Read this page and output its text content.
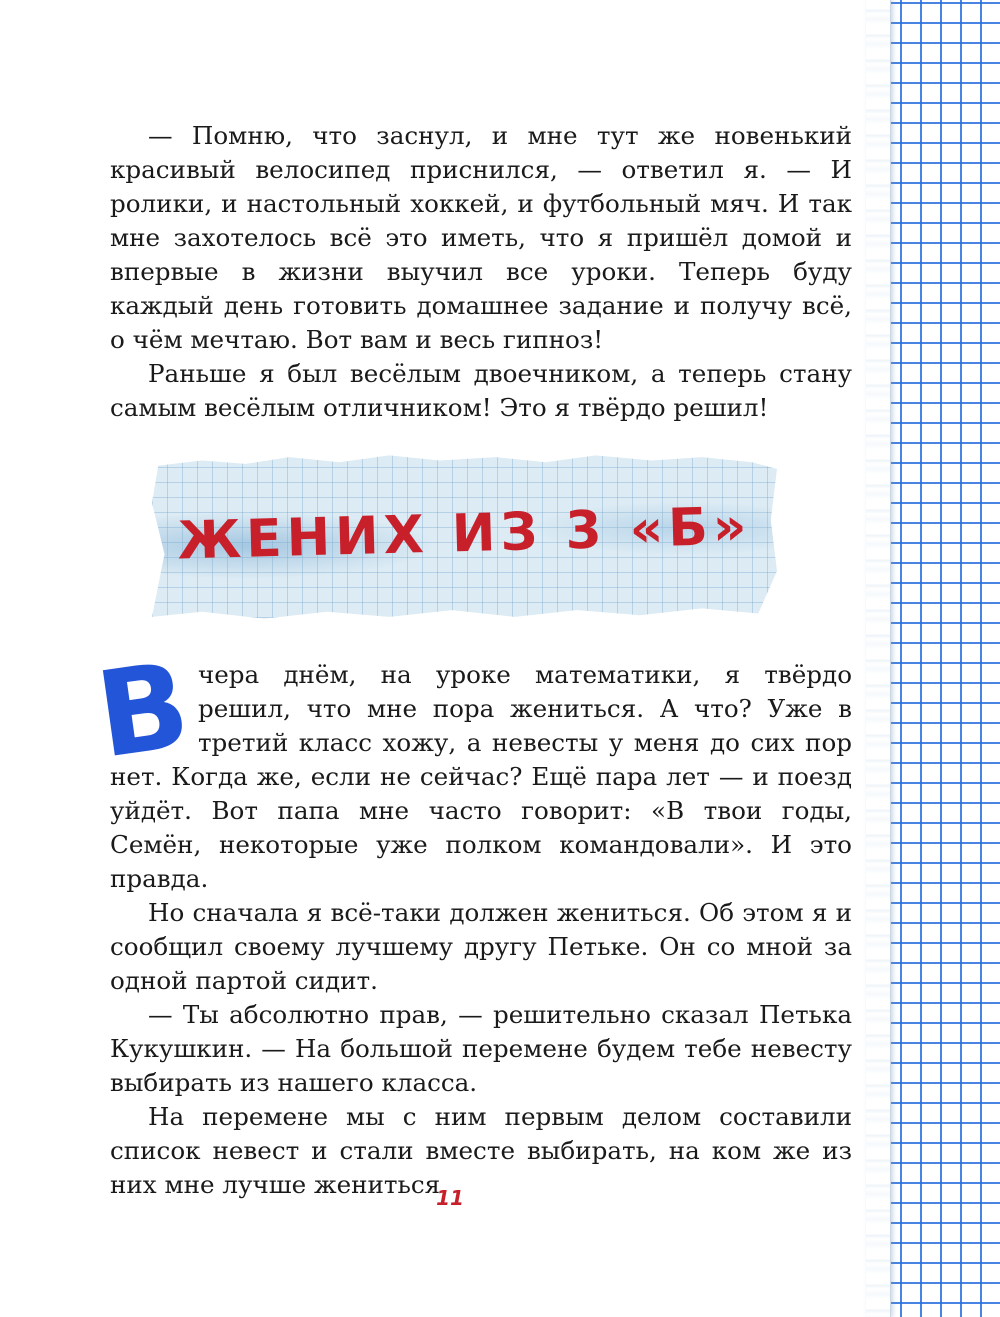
— Помню, что заснул, и мне тут же новенький красивый велосипед приснился, — ответил я. — И ролики, и настольный хоккей, и футбольный мяч. И так мне захотелось всё это иметь, что я пришёл домой и впервые в жизни выучил все уроки. Теперь буду каждый день готовить домашнее задание и получу всё, о чём мечтаю. Вот вам и весь гипноз!

Раньше я был весёлым двоечником, а теперь стану самым весёлым отличником! Это я твёрдо решил!

ЖЕНИХ ИЗ 3 «Б»

Вчера днём, на уроке математики, я твёрдо решил, что мне пора жениться. А что? Уже в третий класс хожу, а невесты у меня до сих пор нет. Когда же, если не сейчас? Ещё пара лет — и поезд уйдёт. Вот папа мне часто говорит: «В твои годы, Семён, некоторые уже полком командовали». И это правда.

Но сначала я всё-таки должен жениться. Об этом я и сообщил своему лучшему другу Петьке. Он со мной за одной партой сидит.

— Ты абсолютно прав, — решительно сказал Петька Кукушкин. — На большой перемене будем тебе невесту выбирать из нашего класса.

На перемене мы с ним первым делом составили список невест и стали вместе выбирать, на ком же из них мне лучше жениться.

11
